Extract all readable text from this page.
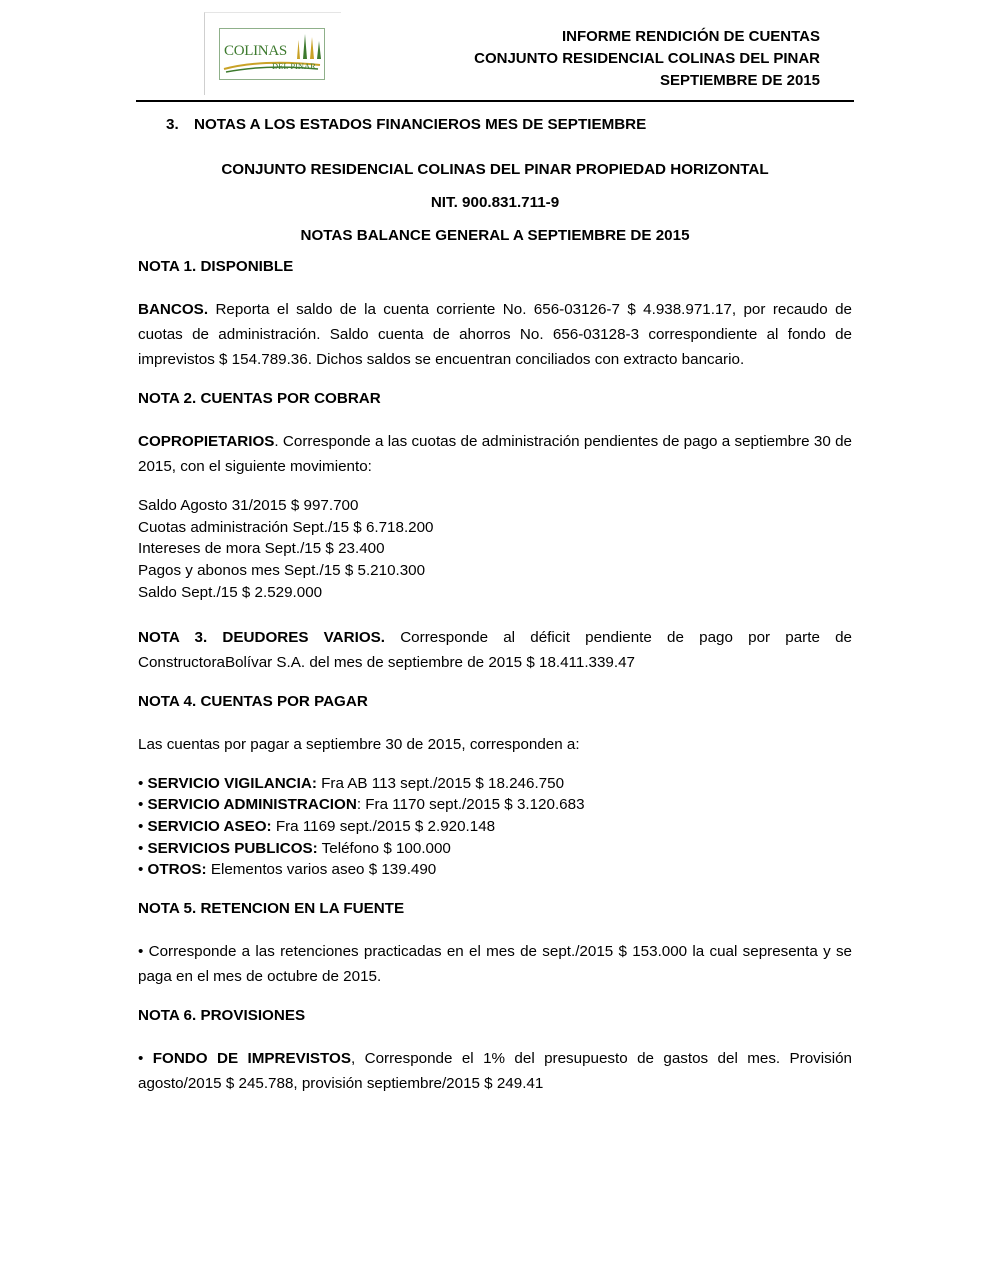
COLINAS
DEL PINAR
INFORME RENDICIÓN DE CUENTAS
CONJUNTO RESIDENCIAL COLINAS DEL PINAR
SEPTIEMBRE DE 2015
3. NOTAS A LOS ESTADOS FINANCIEROS MES DE SEPTIEMBRE
CONJUNTO RESIDENCIAL COLINAS DEL PINAR PROPIEDAD HORIZONTAL
NIT. 900.831.711-9
NOTAS BALANCE GENERAL A SEPTIEMBRE DE 2015
NOTA 1. DISPONIBLE
BANCOS. Reporta el saldo de la cuenta corriente No. 656-03126-7 $ 4.938.971.17, por recaudo de cuotas de administración. Saldo cuenta de ahorros No. 656-03128-3 correspondiente al fondo de imprevistos $ 154.789.36. Dichos saldos se encuentran conciliados con extracto bancario.
NOTA 2. CUENTAS POR COBRAR
COPROPIETARIOS. Corresponde a las cuotas de administración pendientes de pago a septiembre 30 de 2015, con el siguiente movimiento:
Saldo Agosto 31/2015 $ 997.700
Cuotas administración Sept./15 $ 6.718.200
Intereses de mora Sept./15 $ 23.400
Pagos y abonos mes Sept./15 $ 5.210.300
Saldo Sept./15 $ 2.529.000
NOTA 3. DEUDORES VARIOS. Corresponde al déficit pendiente de pago por parte de ConstructoraBolívar S.A. del mes de septiembre de 2015 $ 18.411.339.47
NOTA 4. CUENTAS POR PAGAR
Las cuentas por pagar a septiembre 30 de 2015, corresponden a:
• SERVICIO VIGILANCIA: Fra AB 113 sept./2015 $ 18.246.750
• SERVICIO ADMINISTRACION: Fra 1170 sept./2015 $ 3.120.683
• SERVICIO ASEO: Fra 1169 sept./2015 $ 2.920.148
• SERVICIOS PUBLICOS: Teléfono $ 100.000
• OTROS: Elementos varios aseo $ 139.490
NOTA 5. RETENCION EN LA FUENTE
• Corresponde a las retenciones practicadas en el mes de sept./2015 $ 153.000 la cual sepresenta y se paga en el mes de octubre de 2015.
NOTA 6. PROVISIONES
• FONDO DE IMPREVISTOS, Corresponde el 1% del presupuesto de gastos del mes. Provisión agosto/2015 $ 245.788, provisión septiembre/2015 $ 249.41
